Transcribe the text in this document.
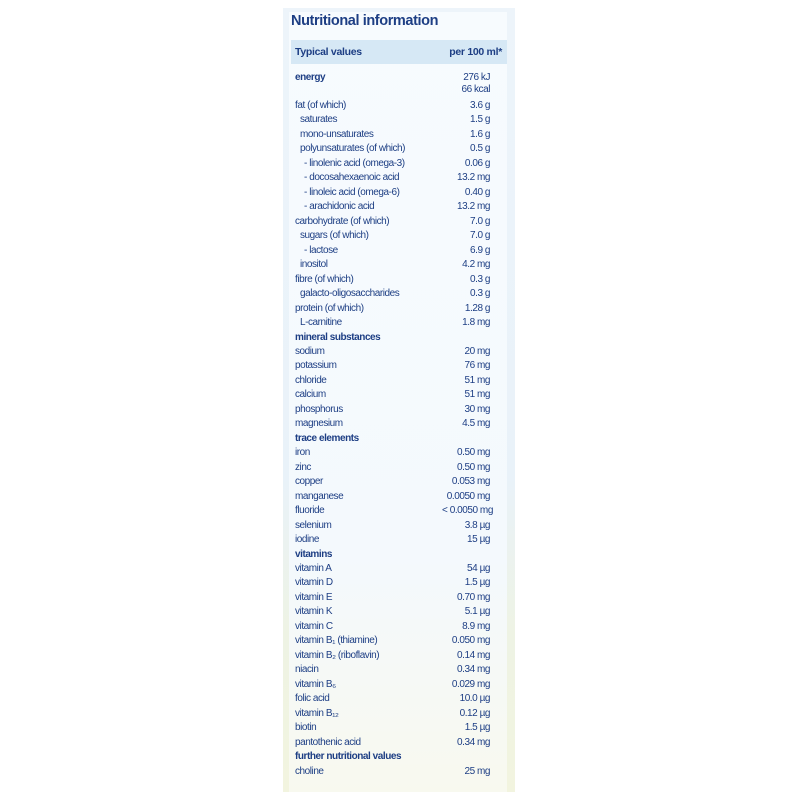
Nutritional information
Typical values	per 100 ml*
energy	276 kJ
66 kcal
fat (of which)	3.6 g
saturates	1.5 g
mono-unsaturates	1.6 g
polyunsaturates (of which)	0.5 g
- linolenic acid (omega-3)	0.06 g
- docosahexaenoic acid	13.2 mg
- linoleic acid (omega-6)	0.40 g
- arachidonic acid	13.2 mg
carbohydrate (of which)	7.0 g
sugars (of which)	7.0 g
- lactose	6.9 g
inositol	4.2 mg
fibre (of which)	0.3 g
galacto-oligosaccharides	0.3 g
protein (of which)	1.28 g
L-carnitine	1.8 mg
mineral substances
sodium	20 mg
potassium	76 mg
chloride	51 mg
calcium	51 mg
phosphorus	30 mg
magnesium	4.5 mg
trace elements
iron	0.50 mg
zinc	0.50 mg
copper	0.053 mg
manganese	0.0050 mg
fluoride	< 0.0050 mg
selenium	3.8 µg
iodine	15 µg
vitamins
vitamin A	54 µg
vitamin D	1.5 µg
vitamin E	0.70 mg
vitamin K	5.1 µg
vitamin C	8.9 mg
vitamin B₁ (thiamine)	0.050 mg
vitamin B₂ (riboflavin)	0.14 mg
niacin	0.34 mg
vitamin B₆	0.029 mg
folic acid	10.0 µg
vitamin B₁₂	0.12 µg
biotin	1.5 µg
pantothenic acid	0.34 mg
further nutritional values
choline	25 mg
